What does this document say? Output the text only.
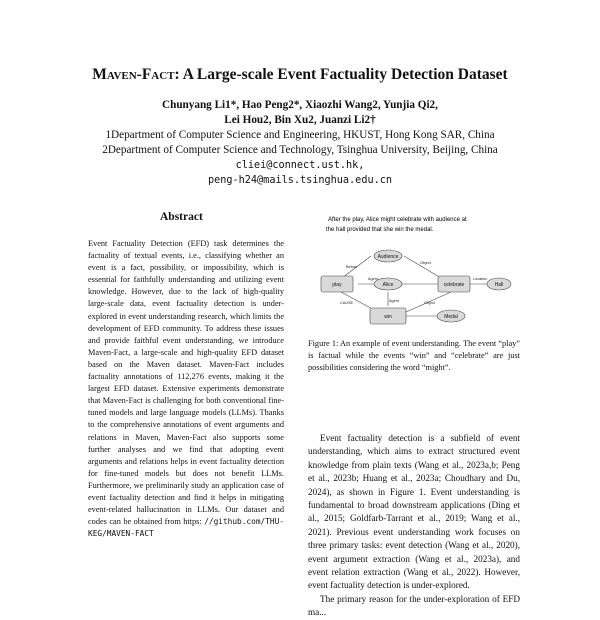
Maven-Fact: A Large-scale Event Factuality Detection Dataset
Chunyang Li1*, Hao Peng2*, Xiaozhi Wang2, Yunjia Qi2,
Lei Hou2, Bin Xu2, Juanzi Li2†
1Department of Computer Science and Engineering, HKUST, Hong Kong SAR, China
2Department of Computer Science and Technology, Tsinghua University, Beijing, China
cliei@connect.ust.hk,
peng-h24@mails.tsinghua.edu.cn
Abstract

Event Factuality Detection (EFD) task determines the factuality of textual events, i.e., classifying whether an event is a fact, possibility, or impossibility, which is essential for faithfully understanding and utilizing event knowledge. However, due to the lack of high-quality large-scale data, event factuality detection is under-explored in event understanding research, which limits the development of EFD community. To address these issues and provide faithful event understanding, we introduce Maven-Fact, a large-scale and high-quality EFD dataset based on the Maven dataset. Maven-Fact includes factuality annotations of 112,276 events, making it the largest EFD dataset. Extensive experiments demonstrate that Maven-Fact is challenging for both conventional fine-tuned models and large language models (LLMs). Thanks to the comprehensive annotations of event arguments and relations in Maven, Maven-Fact also supports some further analyses and we find that adopting event arguments and relations helps in event factuality detection for fine-tuned models but does not benefit LLMs. Furthermore, we preliminarily study an application case of event factuality detection and find it helps in mitigating event-related hallucination in LLMs. Our dataset and codes can be obtained from https: //github.com/THU-KEG/MAVEN-FACT

After the play, Alice might celebrate with audience at
the hall provided that she win the medal.
Before
Agent
Object
Location
CAUSE	Agent	Object
play
Audience
Alice	celebrate	Hall
win	Medal

Figure 1: An example of event understanding. The event “play” is factual while the events “win” and “celebrate” are just possibilities considering the word “might”.

Event factuality detection is a subfield of event understanding, which aims to extract structured event knowledge from plain texts (Wang et al., 2023a,b; Peng et al., 2023b; Huang et al., 2023a; Choudhary and Du, 2024), as shown in Figure 1. Event understanding is fundamental to broad downstream applications (Ding et al., 2015; Goldfarb-Tarrant et al., 2019; Wang et al., 2021). Previous event understanding work focuses on three primary tasks: event detection (Wang et al., 2020), event argument extraction (Wang et al., 2023a), and event relation extraction (Wang et al., 2022). However, event factuality detection is under-explored.

The primary reason for the under-exploration of EFD ma...
